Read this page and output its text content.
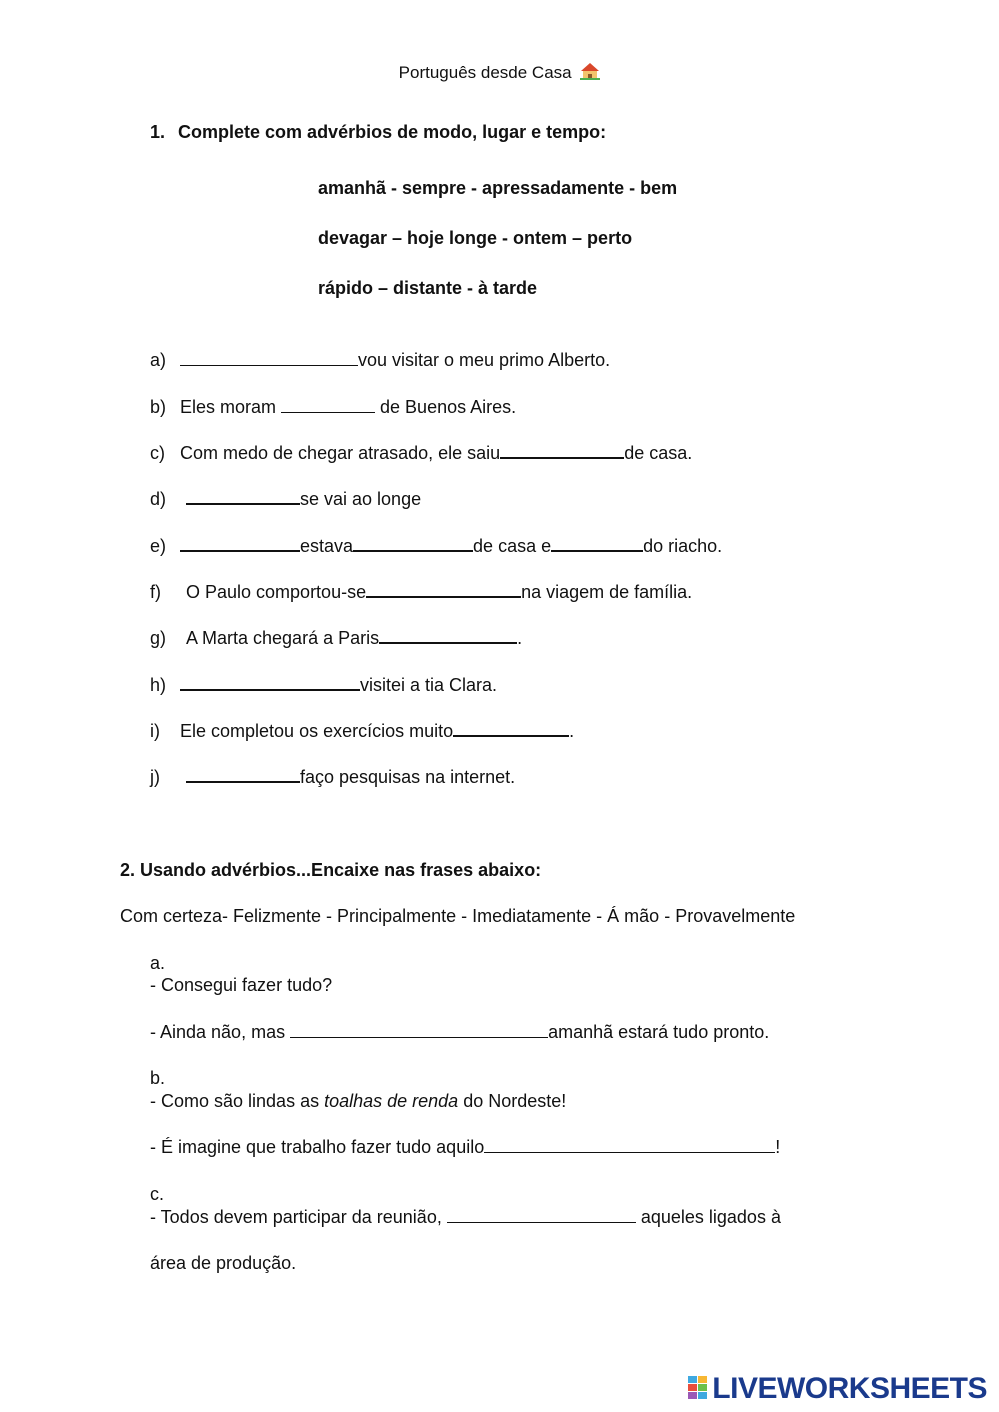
Português desde Casa
1. Complete com advérbios de modo, lugar e tempo:
amanhã - sempre - apressadamente - bem
devagar – hoje longe - ontem – perto
rápido – distante - à tarde
a)	vou visitar o meu primo Alberto.
b) Eles moram	de Buenos Aires.
c) Com medo de chegar atrasado, ele saiu	de casa.
d)	se vai ao longe
e)	estava	de casa e	do riacho.
f) O Paulo comportou-se	na viagem de família.
g) A Marta chegará a Paris	.
h)	visitei a tia Clara.
i) Ele completou os exercícios muito	.
j)	faço pesquisas na internet.
2. Usando advérbios...Encaixe nas frases abaixo:
Com certeza- Felizmente - Principalmente - Imediatamente - Á mão - Provavelmente
a.
- Consegui fazer tudo?
- Ainda não, mas	amanhã estará tudo pronto.
b.
- Como são lindas as toalhas de renda do Nordeste!
- É imagine que trabalho fazer tudo aquilo	!
c.
- Todos devem participar da reunião,	aqueles ligados à
área de produção.
LIVEWORKSHEETS
